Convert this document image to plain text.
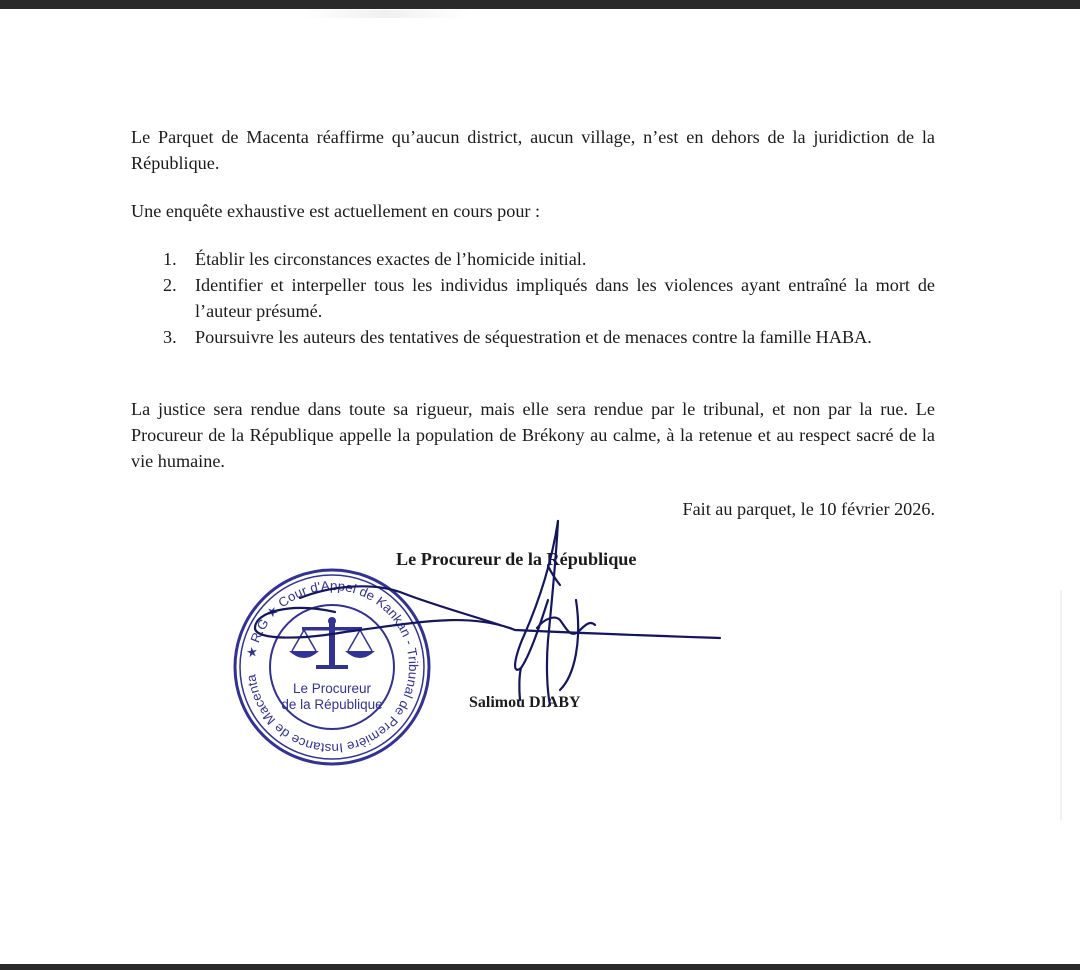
Le Parquet de Macenta réaffirme qu’aucun district, aucun village, n’est en dehors de la juridiction de la République.

Une enquête exhaustive est actuellement en cours pour :

1. Établir les circonstances exactes de l’homicide initial.
2. Identifier et interpeller tous les individus impliqués dans les violences ayant entraîné la mort de l’auteur présumé.
3. Poursuivre les auteurs des tentatives de séquestration et de menaces contre la famille HABA.

La justice sera rendue dans toute sa rigueur, mais elle sera rendue par le tribunal, et non par la rue. Le Procureur de la République appelle la population de Brékony au calme, à la retenue et au respect sacré de la vie humaine.

Fait au parquet, le 10 février 2026.
Le Procureur de la République
Salimou DIABY
★ R.G ★ Cour d'Appel de Kankan - Tribunal de Première Instance de Macenta
Le Procureur
de la République
